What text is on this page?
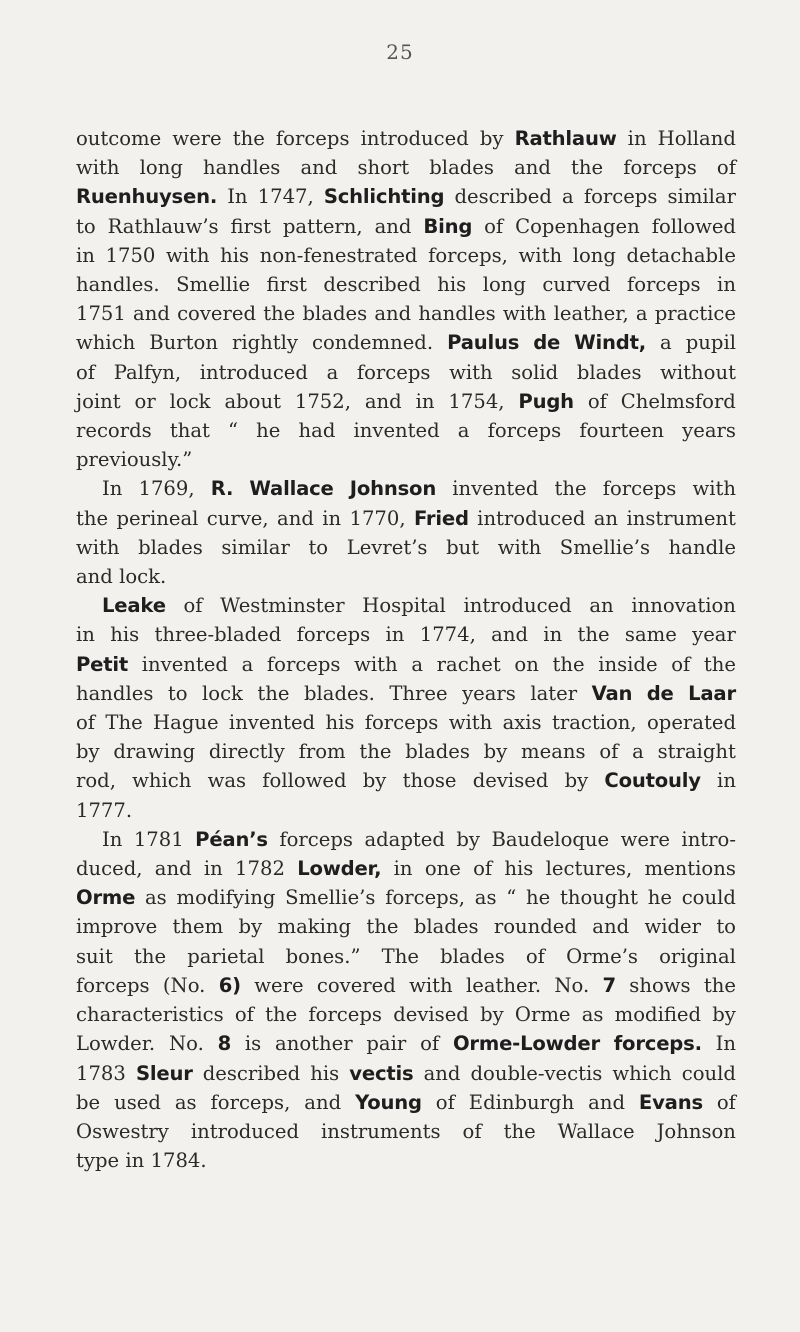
25
outcome were the forceps introduced by Rathlauw in Holland
with long handles and short blades and the forceps of
Ruenhuysen. In 1747, Schlichting described a forceps similar
to Rathlauw’s first pattern, and Bing of Copenhagen followed
in 1750 with his non-fenestrated forceps, with long detachable
handles. Smellie first described his long curved forceps in
1751 and covered the blades and handles with leather, a practice
which Burton rightly condemned. Paulus de Windt, a pupil
of Palfyn, introduced a forceps with solid blades without
joint or lock about 1752, and in 1754, Pugh of Chelmsford
records that “ he had invented a forceps fourteen years
previously.”
In 1769, R. Wallace Johnson invented the forceps with
the perineal curve, and in 1770, Fried introduced an instrument
with blades similar to Levret’s but with Smellie’s handle
and lock.
Leake of Westminster Hospital introduced an innovation
in his three-bladed forceps in 1774, and in the same year
Petit invented a forceps with a rachet on the inside of the
handles to lock the blades. Three years later Van de Laar
of The Hague invented his forceps with axis traction, operated
by drawing directly from the blades by means of a straight
rod, which was followed by those devised by Coutouly in
1777.
In 1781 Péan’s forceps adapted by Baudeloque were intro-
duced, and in 1782 Lowder, in one of his lectures, mentions
Orme as modifying Smellie’s forceps, as “ he thought he could
improve them by making the blades rounded and wider to
suit the parietal bones.” The blades of Orme’s original
forceps (No. 6) were covered with leather. No. 7 shows the
characteristics of the forceps devised by Orme as modified by
Lowder. No. 8 is another pair of Orme-Lowder forceps. In
1783 Sleur described his vectis and double-vectis which could
be used as forceps, and Young of Edinburgh and Evans of
Oswestry introduced instruments of the Wallace Johnson
type in 1784.
